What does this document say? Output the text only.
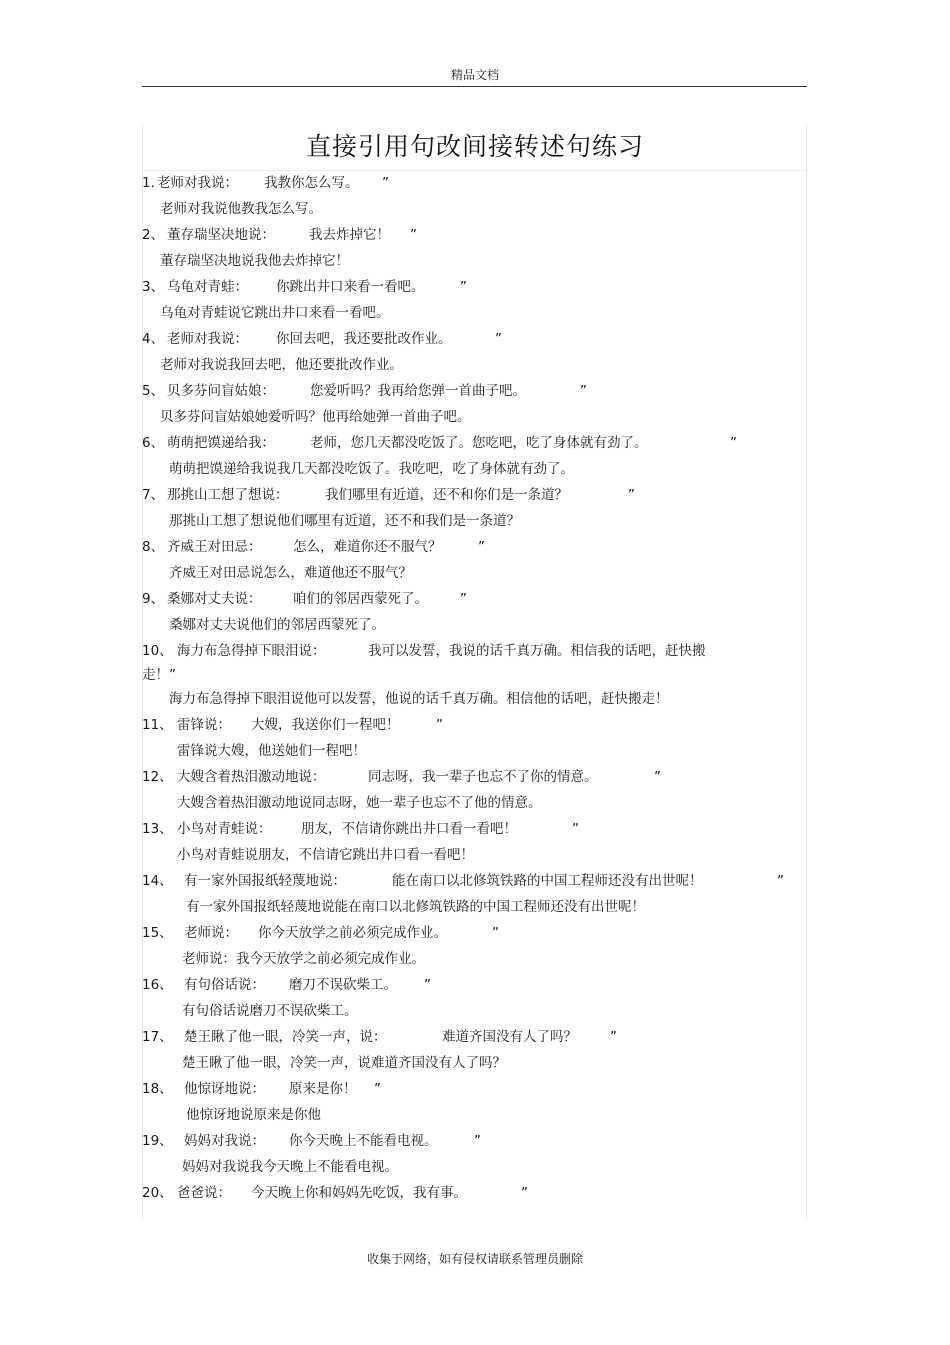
精品文档
直接引用句改间接转述句练习
1. 老师对我说： 我教你怎么写。 ”
老师对我说他教我怎么写。
2、 董存瑞坚决地说：	我去炸掉它！ ”
董存瑞坚决地说我他去炸掉它！
3、 乌龟对青蛙： 你跳出井口来看一看吧。	”
乌龟对青蛙说它跳出井口来看一看吧。
4、 老师对我说： 你回去吧，我还要批改作业。	”
老师对我说我回去吧，他还要批改作业。
5、 贝多芬问盲姑娘：	您爱听吗？我再给您弹一首曲子吧。	”
贝多芬问盲姑娘她爱听吗？他再给她弹一首曲子吧。
6、 萌萌把馍递给我：	老师，您几天都没吃饭了。您吃吧，吃了身体就有劲了。	”
萌萌把馍递给我说我几天都没吃饭了。我吃吧，吃了身体就有劲了。
7、 那挑山工想了想说：	我们哪里有近道，还不和你们是一条道？	”
那挑山工想了想说他们哪里有近道，还不和我们是一条道？
8、 齐威王对田忌： 怎么，难道你还不服气？	”
齐威王对田忌说怎么，难道他还不服气？
9、 桑娜对丈夫说： 咱们的邻居西蒙死了。 ”
桑娜对丈夫说他们的邻居西蒙死了。
10、 海力布急得掉下眼泪说：	我可以发誓，我说的话千真万确。相信我的话吧，赶快搬
走！”
海力布急得掉下眼泪说他可以发誓，他说的话千真万确。相信他的话吧，赶快搬走！
11、 雷锋说： 大嫂，我送你们一程吧！	”
雷锋说大嫂，他送她们一程吧！
12、 大嫂含着热泪激动地说：	同志呀，我一辈子也忘不了你的情意。	”
大嫂含着热泪激动地说同志呀，她一辈子也忘不了他的情意。
13、 小鸟对青蛙说： 朋友，不信请你跳出井口看一看吧！	”
小鸟对青蛙说朋友，不信请它跳出井口看一看吧！
14、 有一家外国报纸轻蔑地说：	能在南口以北修筑铁路的中国工程师还没有出世呢！	”
有一家外国报纸轻蔑地说能在南口以北修筑铁路的中国工程师还没有出世呢！
15、 老师说： 你今天放学之前必须完成作业。	”
老师说：我今天放学之前必须完成作业。
16、 有句俗话说： 磨刀不误砍柴工。 ”
有句俗话说磨刀不误砍柴工。
17、 楚王瞅了他一眼，冷笑一声，说：	难道齐国没有人了吗？ ”
楚王瞅了他一眼，冷笑一声，说难道齐国没有人了吗？
18、 他惊讶地说： 原来是你！ ”
他惊讶地说原来是你他
19、 妈妈对我说： 你今天晚上不能看电视。	”
妈妈对我说我今天晚上不能看电视。
20、 爸爸说： 今天晚上你和妈妈先吃饭，我有事。	”
收集于网络，如有侵权请联系管理员删除
